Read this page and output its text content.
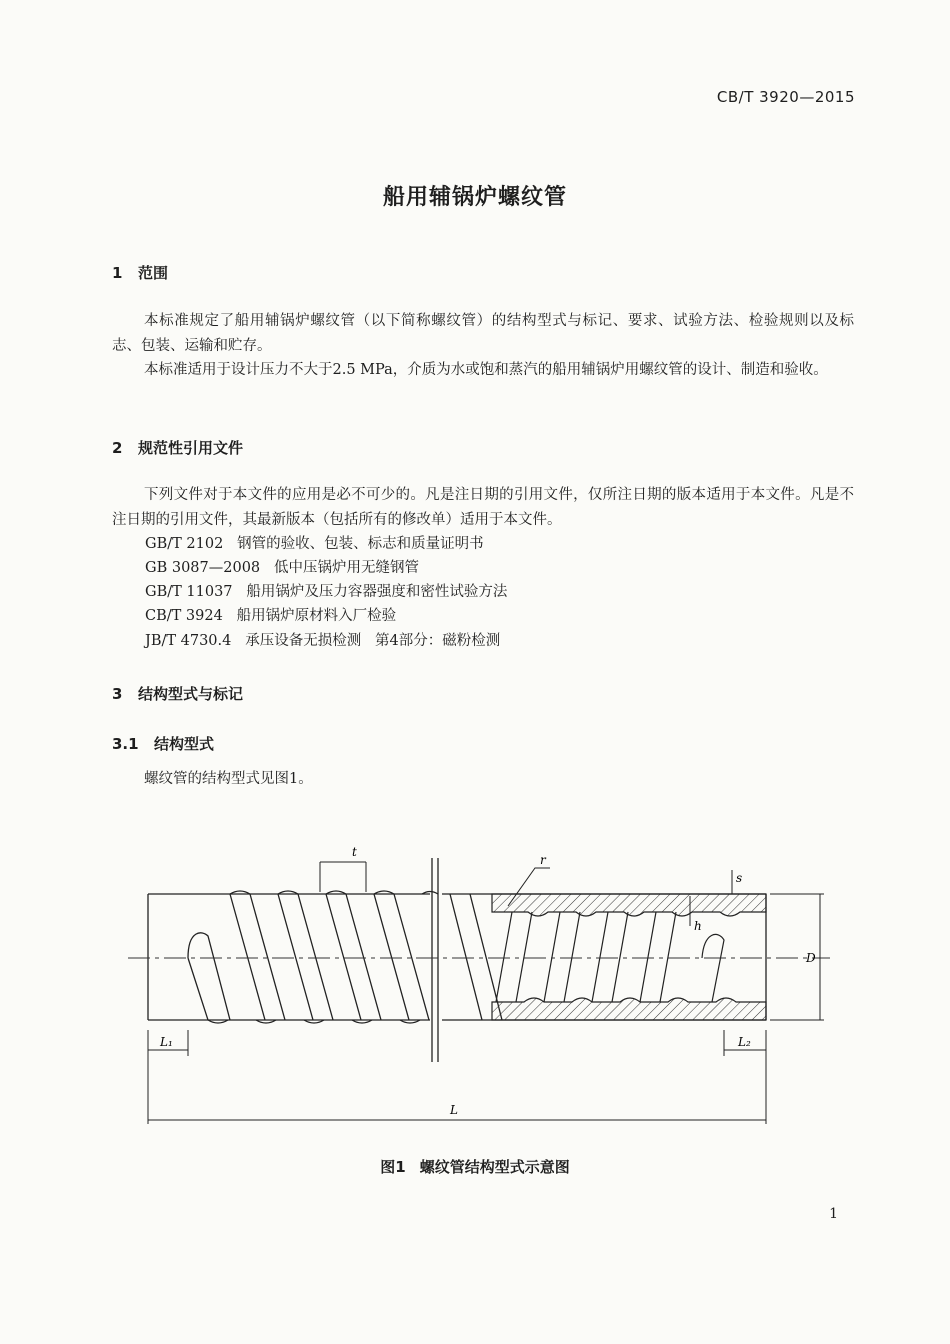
CB/T 3920—2015
船用辅锅炉螺纹管
1 范围
本标准规定了船用辅锅炉螺纹管（以下简称螺纹管）的结构型式与标记、要求、试验方法、检验规则以及标志、包装、运输和贮存。
本标准适用于设计压力不大于2.5 MPa，介质为水或饱和蒸汽的船用辅锅炉用螺纹管的设计、制造和验收。
2 规范性引用文件
下列文件对于本文件的应用是必不可少的。凡是注日期的引用文件，仅所注日期的版本适用于本文件。凡是不注日期的引用文件，其最新版本（包括所有的修改单）适用于本文件。
GB/T 2102   钢管的验收、包装、标志和质量证明书
GB 3087—2008   低中压锅炉用无缝钢管
GB/T 11037   船用锅炉及压力容器强度和密性试验方法
CB/T 3924   船用锅炉原材料入厂检验
JB/T 4730.4   承压设备无损检测   第4部分：磁粉检测
3 结构型式与标记
3.1 结构型式
螺纹管的结构型式见图1。
t
r
s
h
D
L₁	L₂
L
图1 螺纹管结构型式示意图
1
